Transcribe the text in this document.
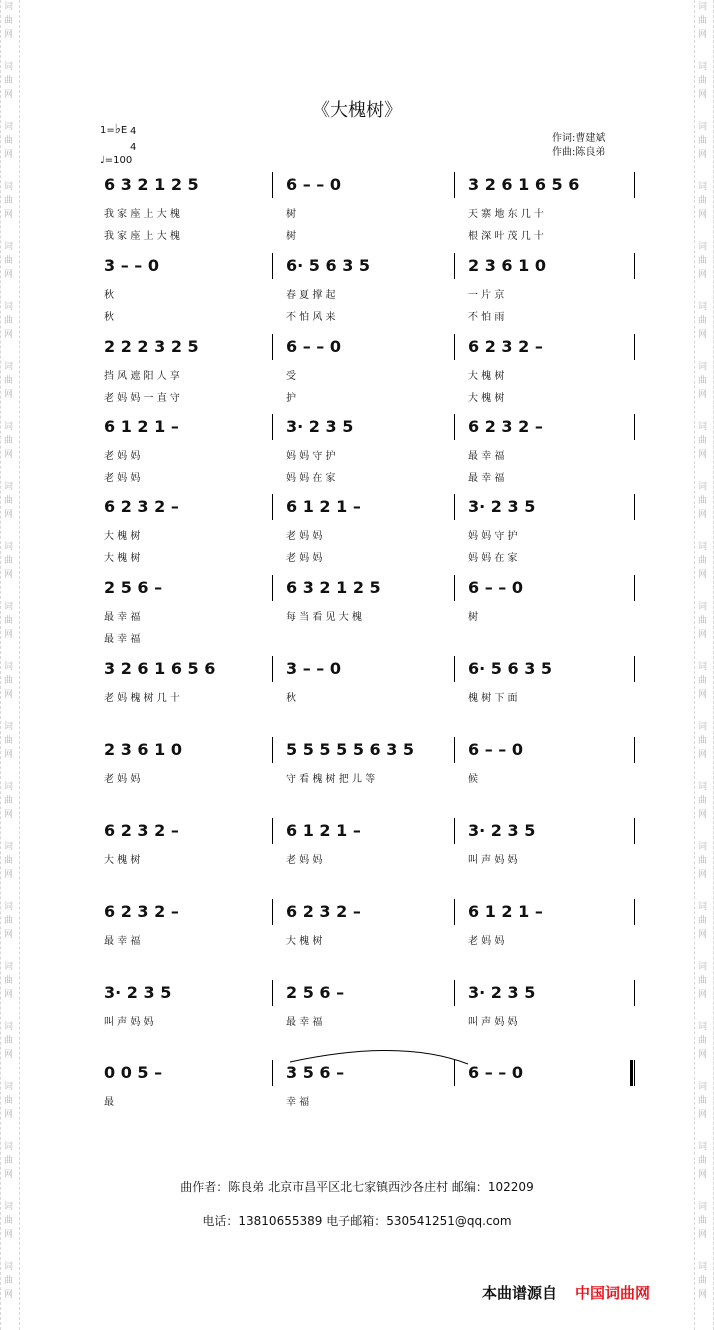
词
曲
网
词
曲
网
词
曲
网
词
曲
网
词
曲
网
词
曲
网
词
曲
网
词
曲
网
词
曲
网
词
曲
网
词
曲
网
词
曲
网
词
曲
网
词
曲
网
词
曲
网
词
曲
网
词
曲
网
词
曲
网
词
曲
网
词
曲
网
词
曲
网
词
曲
网
词
曲
网
词
曲
网
词
曲
网
词
曲
网
词
曲
网
词
曲
网
词
曲
网
词
曲
网
词
曲
网
词
曲
网
词
曲
网
词
曲
网
词
曲
网
词
曲
网
词
曲
网
词
曲
网
词
曲
网
词
曲
网
词
曲
网
词
曲
网
词
曲
网
词
曲
网
《大槐树》
1=♭E 4
4
♩=100
作词:曹建斌
作曲:陈良弟
6 3 2 1 2 5	6 – – 0	3 2 6 1 6 5 6
我 家 座 上 大 槐	树	天 寨 地 东 几 十
我 家 座 上 大 槐	树	根 深 叶 茂 几 十
3 – – 0	6· 5 6 3 5	2 3 6 1 0
秋	春 夏 撑 起	一 片 京
秋	不 怕 风 来	不 怕 雨
2 2 2 3 2 5	6 – – 0	6 2 3 2 –
挡 风 遮 阳 人 享	受	大 槐 树
老 妈 妈 一 直 守	护	大 槐 树
6 1 2 1 –	3· 2 3 5	6 2 3 2 –
老 妈 妈	妈 妈 守 护	最 幸 福
老 妈 妈	妈 妈 在 家	最 幸 福
6 2 3 2 –	6 1 2 1 –	3· 2 3 5
大 槐 树	老 妈 妈	妈 妈 守 护
大 槐 树	老 妈 妈	妈 妈 在 家
2 5 6 –	6 3 2 1 2 5	6 – – 0
最 幸 福	每 当 看 见 大 槐	树
最 幸 福
3 2 6 1 6 5 6	3 – – 0	6· 5 6 3 5
老 妈 槐 树 几 十	秋	槐 树 下 面
2 3 6 1 0	5 5 5 5 5 6 3 5	6 – – 0
老 妈 妈	守 看 槐 树 把 儿 等	候
6 2 3 2 –	6 1 2 1 –	3· 2 3 5
大 槐 树	老 妈 妈	叫 声 妈 妈
6 2 3 2 –	6 2 3 2 –	6 1 2 1 –
最 幸 福	大 槐 树	老 妈 妈
3· 2 3 5	2 5 6 –	3· 2 3 5
叫 声 妈 妈	最 幸 福	叫 声 妈 妈
0 0 5 –	3 5 6 –	6 – – 0
最	幸 福
曲作者：陈良弟 北京市昌平区北七家镇西沙各庄村 邮编：102209
电话：13810655389 电子邮箱：530541251@qq.com
本曲谱源自 中国词曲网
